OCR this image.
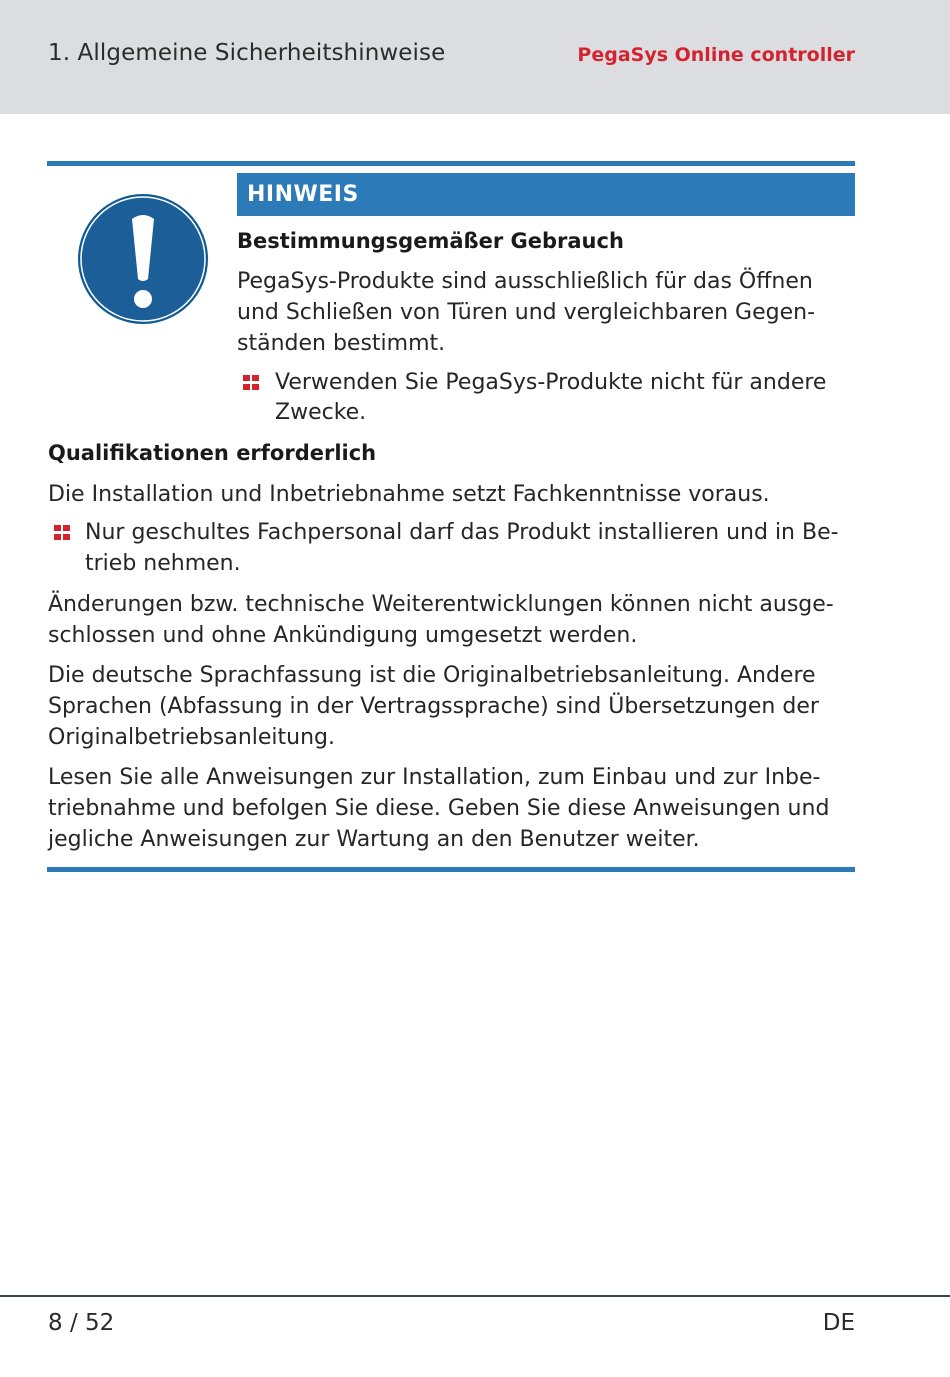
1. Allgemeine Sicherheitshinweise	PegaSys Online controller
HINWEIS
Bestimmungsgemäßer Gebrauch
PegaSys-Produkte sind ausschließlich für das Öffnen
und Schließen von Türen und vergleichbaren Gegen-
ständen bestimmt.
Verwenden Sie PegaSys-Produkte nicht für andere
Zwecke.
Qualifikationen erforderlich
Die Installation und Inbetriebnahme setzt Fachkenntnisse voraus.
Nur geschultes Fachpersonal darf das Produkt installieren und in Be-
trieb nehmen.
Änderungen bzw. technische Weiterentwicklungen können nicht ausge-
schlossen und ohne Ankündigung umgesetzt werden.
Die deutsche Sprachfassung ist die Originalbetriebsanleitung. Andere
Sprachen (Abfassung in der Vertragssprache) sind Übersetzungen der
Originalbetriebsanleitung.
Lesen Sie alle Anweisungen zur Installation, zum Einbau und zur Inbe-
triebnahme und befolgen Sie diese. Geben Sie diese Anweisungen und
jegliche Anweisungen zur Wartung an den Benutzer weiter.
8 / 52	DE
